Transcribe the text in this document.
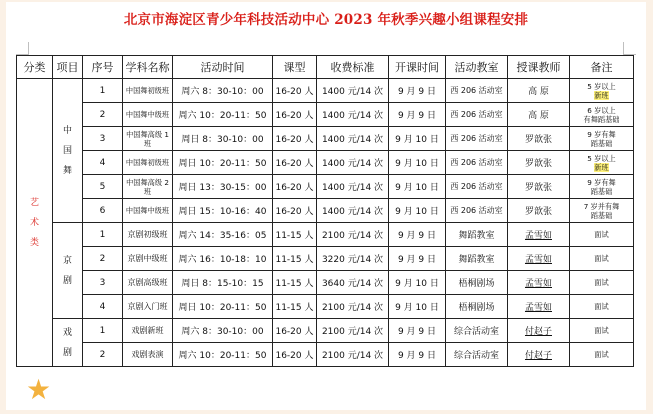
北京市海淀区青少年科技活动中心 2023 年秋季兴趣小组课程安排
分类	项目	序号	学科名称	活动时间	课型	收费标准	开课时间	活动教室	授课教师	备注
艺术类	中国舞	1	中国舞初级班	周六 8：30-10：00	16-20 人	1400 元/14 次	9 月 9 日	西 206 活动室	高 原	5 岁以上
新班
		2	中国舞中级班	周六 10：20-11：50	16-20 人	1400 元/14 次	9 月 9 日	西 206 活动室	高 原	6 岁以上
有舞蹈基础

		3	中国舞高级 1 班	周日 8：30-10：00	16-20 人	1400 元/14 次	9 月 10 日	西 206 活动室	罗歆张	9 岁有舞
蹈基础

		4	中国舞初级班	周日 10：20-11：50	16-20 人	1400 元/14 次	9 月 10 日	西 206 活动室	罗歆张	5 岁以上
新班
		5	中国舞高级 2 班	周日 13：30-15：00	16-20 人	1400 元/14 次	9 月 10 日	西 206 活动室	罗歆张	9 岁有舞
蹈基础

		6	中国舞中级班	周日 15：10-16：40	16-20 人	1400 元/14 次	9 月 10 日	西 206 活动室	罗歆张	7 岁并有舞
蹈基础

	京剧	1	京剧初级班	周六 14：35-16：05	11-15 人	2100 元/14 次	9 月 9 日	舞蹈教室	孟雪如	面试

		2	京剧中级班	周六 16：10-18：10	11-15 人	3220 元/14 次	9 月 9 日	舞蹈教室	孟雪如	面试

		3	京剧高级班	周日 8：15-10：15	11-15 人	3640 元/14 次	9 月 10 日	梧桐剧场	孟雪如	面试

		4	京剧入门班	周日 10：20-11：50	11-15 人	2100 元/14 次	9 月 10 日	梧桐剧场	孟雪如	面试

	戏剧	1	戏剧新班	周六 8：30-10：00	16-20 人	2100 元/14 次	9 月 9 日	综合活动室	付赵子	面试

		2	戏剧表演	周六 10：20-11：50	16-20 人	2100 元/14 次	9 月 9 日	综合活动室	付赵子	面试
★
